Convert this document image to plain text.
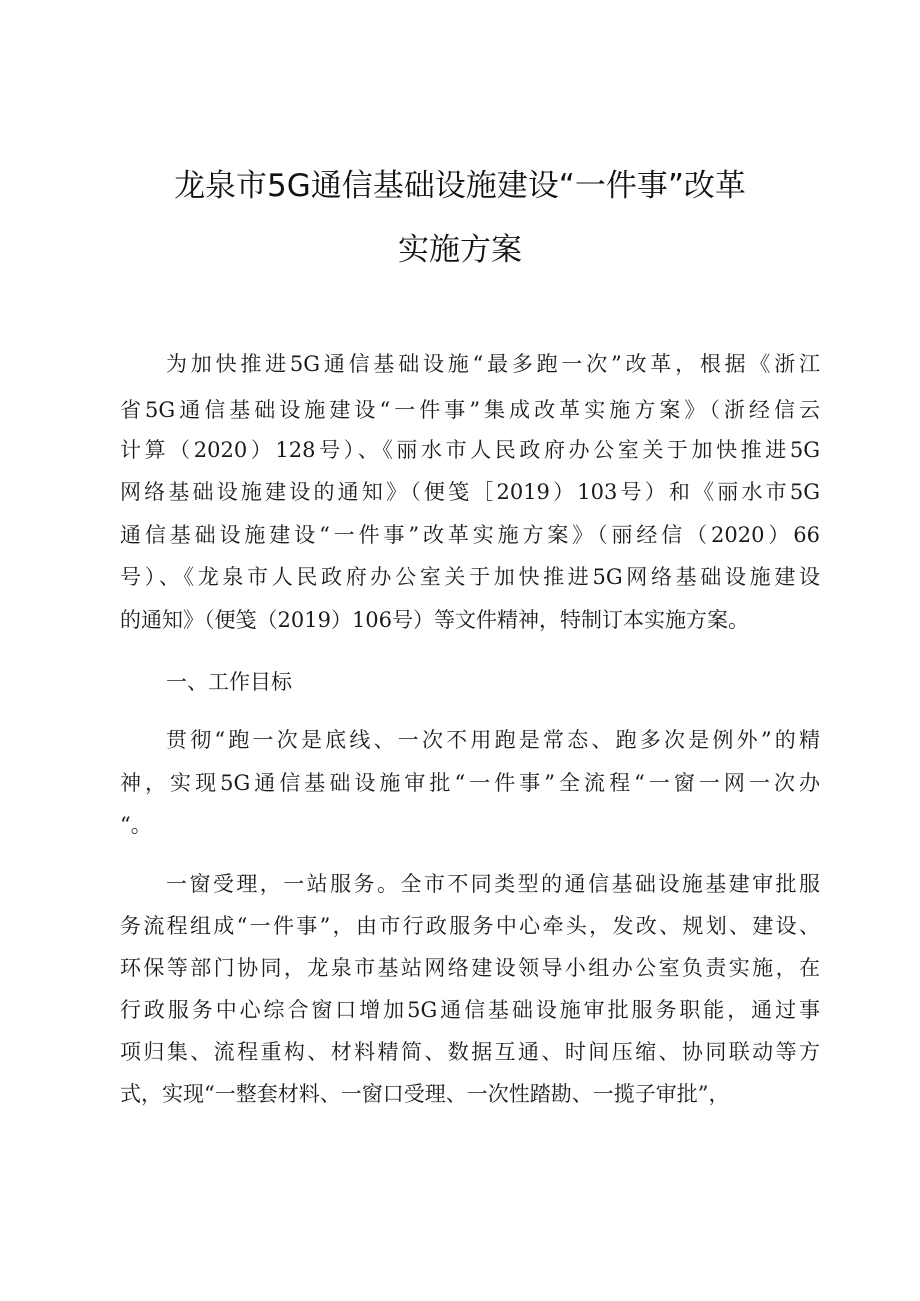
龙泉市5G通信基础设施建设“一件事”改革
实施方案
为加快推进5G通信基础设施“最多跑一次”改革，根据《浙江
省5G通信基础设施建设“一件事”集成改革实施方案》（浙经信云
计算（2020）128号）、《丽水市人民政府办公室关于加快推进5G
网络基础设施建设的通知》（便笺［2019）103号）和《丽水市5G
通信基础设施建设“一件事”改革实施方案》（丽经信（2020）66
号）、《龙泉市人民政府办公室关于加快推进5G网络基础设施建设
的通知》（便笺（2019）106号）等文件精神，特制订本实施方案。
一、工作目标
贯彻“跑一次是底线、一次不用跑是常态、跑多次是例外”的精
神，实现5G通信基础设施审批“一件事”全流程“一窗一网一次办
“。
一窗受理，一站服务。全市不同类型的通信基础设施基建审批服
务流程组成“一件事”，由市行政服务中心牵头，发改、规划、建设、
环保等部门协同，龙泉市基站网络建设领导小组办公室负责实施，在
行政服务中心综合窗口增加5G通信基础设施审批服务职能，通过事
项归集、流程重构、材料精简、数据互通、时间压缩、协同联动等方
式，实现“一整套材料、一窗口受理、一次性踏勘、一揽子审批”，
